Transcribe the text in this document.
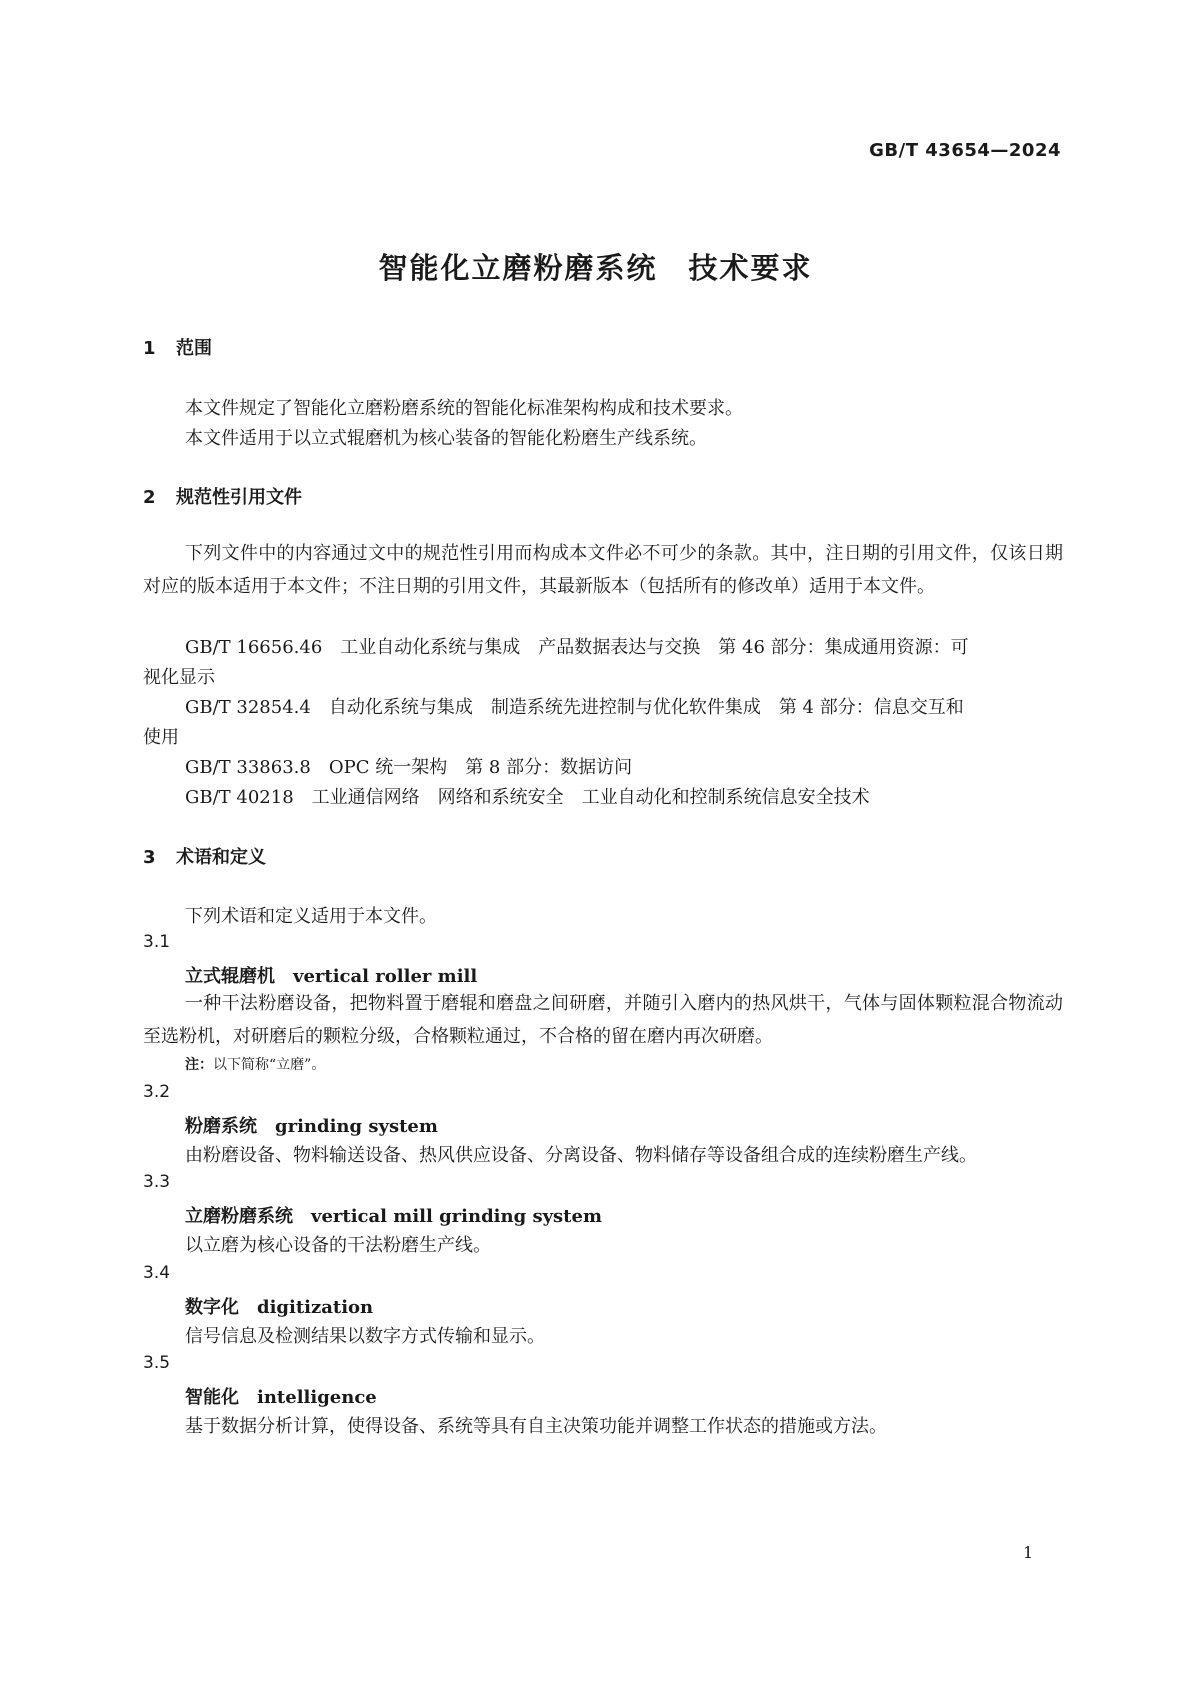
GB/T 43654—2024
智能化立磨粉磨系统　技术要求
1 范围

本文件规定了智能化立磨粉磨系统的智能化标准架构构成和技术要求。

本文件适用于以立式辊磨机为核心装备的智能化粉磨生产线系统。

2 规范性引用文件

下列文件中的内容通过文中的规范性引用而构成本文件必不可少的条款。其中，注日期的引用文件，仅该日期对应的版本适用于本文件；不注日期的引用文件，其最新版本（包括所有的修改单）适用于本文件。

GB/T 16656.46　工业自动化系统与集成　产品数据表达与交换　第 46 部分：集成通用资源：可

视化显示

GB/T 32854.4　自动化系统与集成　制造系统先进控制与优化软件集成　第 4 部分：信息交互和

使用

GB/T 33863.8　OPC 统一架构　第 8 部分：数据访问

GB/T 40218　工业通信网络　网络和系统安全　工业自动化和控制系统信息安全技术

3 术语和定义

下列术语和定义适用于本文件。

3.1
立式辊磨机 vertical roller mill

一种干法粉磨设备，把物料置于磨辊和磨盘之间研磨，并随引入磨内的热风烘干，气体与固体颗粒混合物流动至选粉机，对研磨后的颗粒分级，合格颗粒通过，不合格的留在磨内再次研磨。

注：以下简称“立磨”。
3.2
粉磨系统 grinding system

由粉磨设备、物料输送设备、热风供应设备、分离设备、物料储存等设备组合成的连续粉磨生产线。

3.3
立磨粉磨系统 vertical mill grinding system

以立磨为核心设备的干法粉磨生产线。

3.4
数字化 digitization

信号信息及检测结果以数字方式传输和显示。

3.5
智能化 intelligence

基于数据分析计算，使得设备、系统等具有自主决策功能并调整工作状态的措施或方法。

1
